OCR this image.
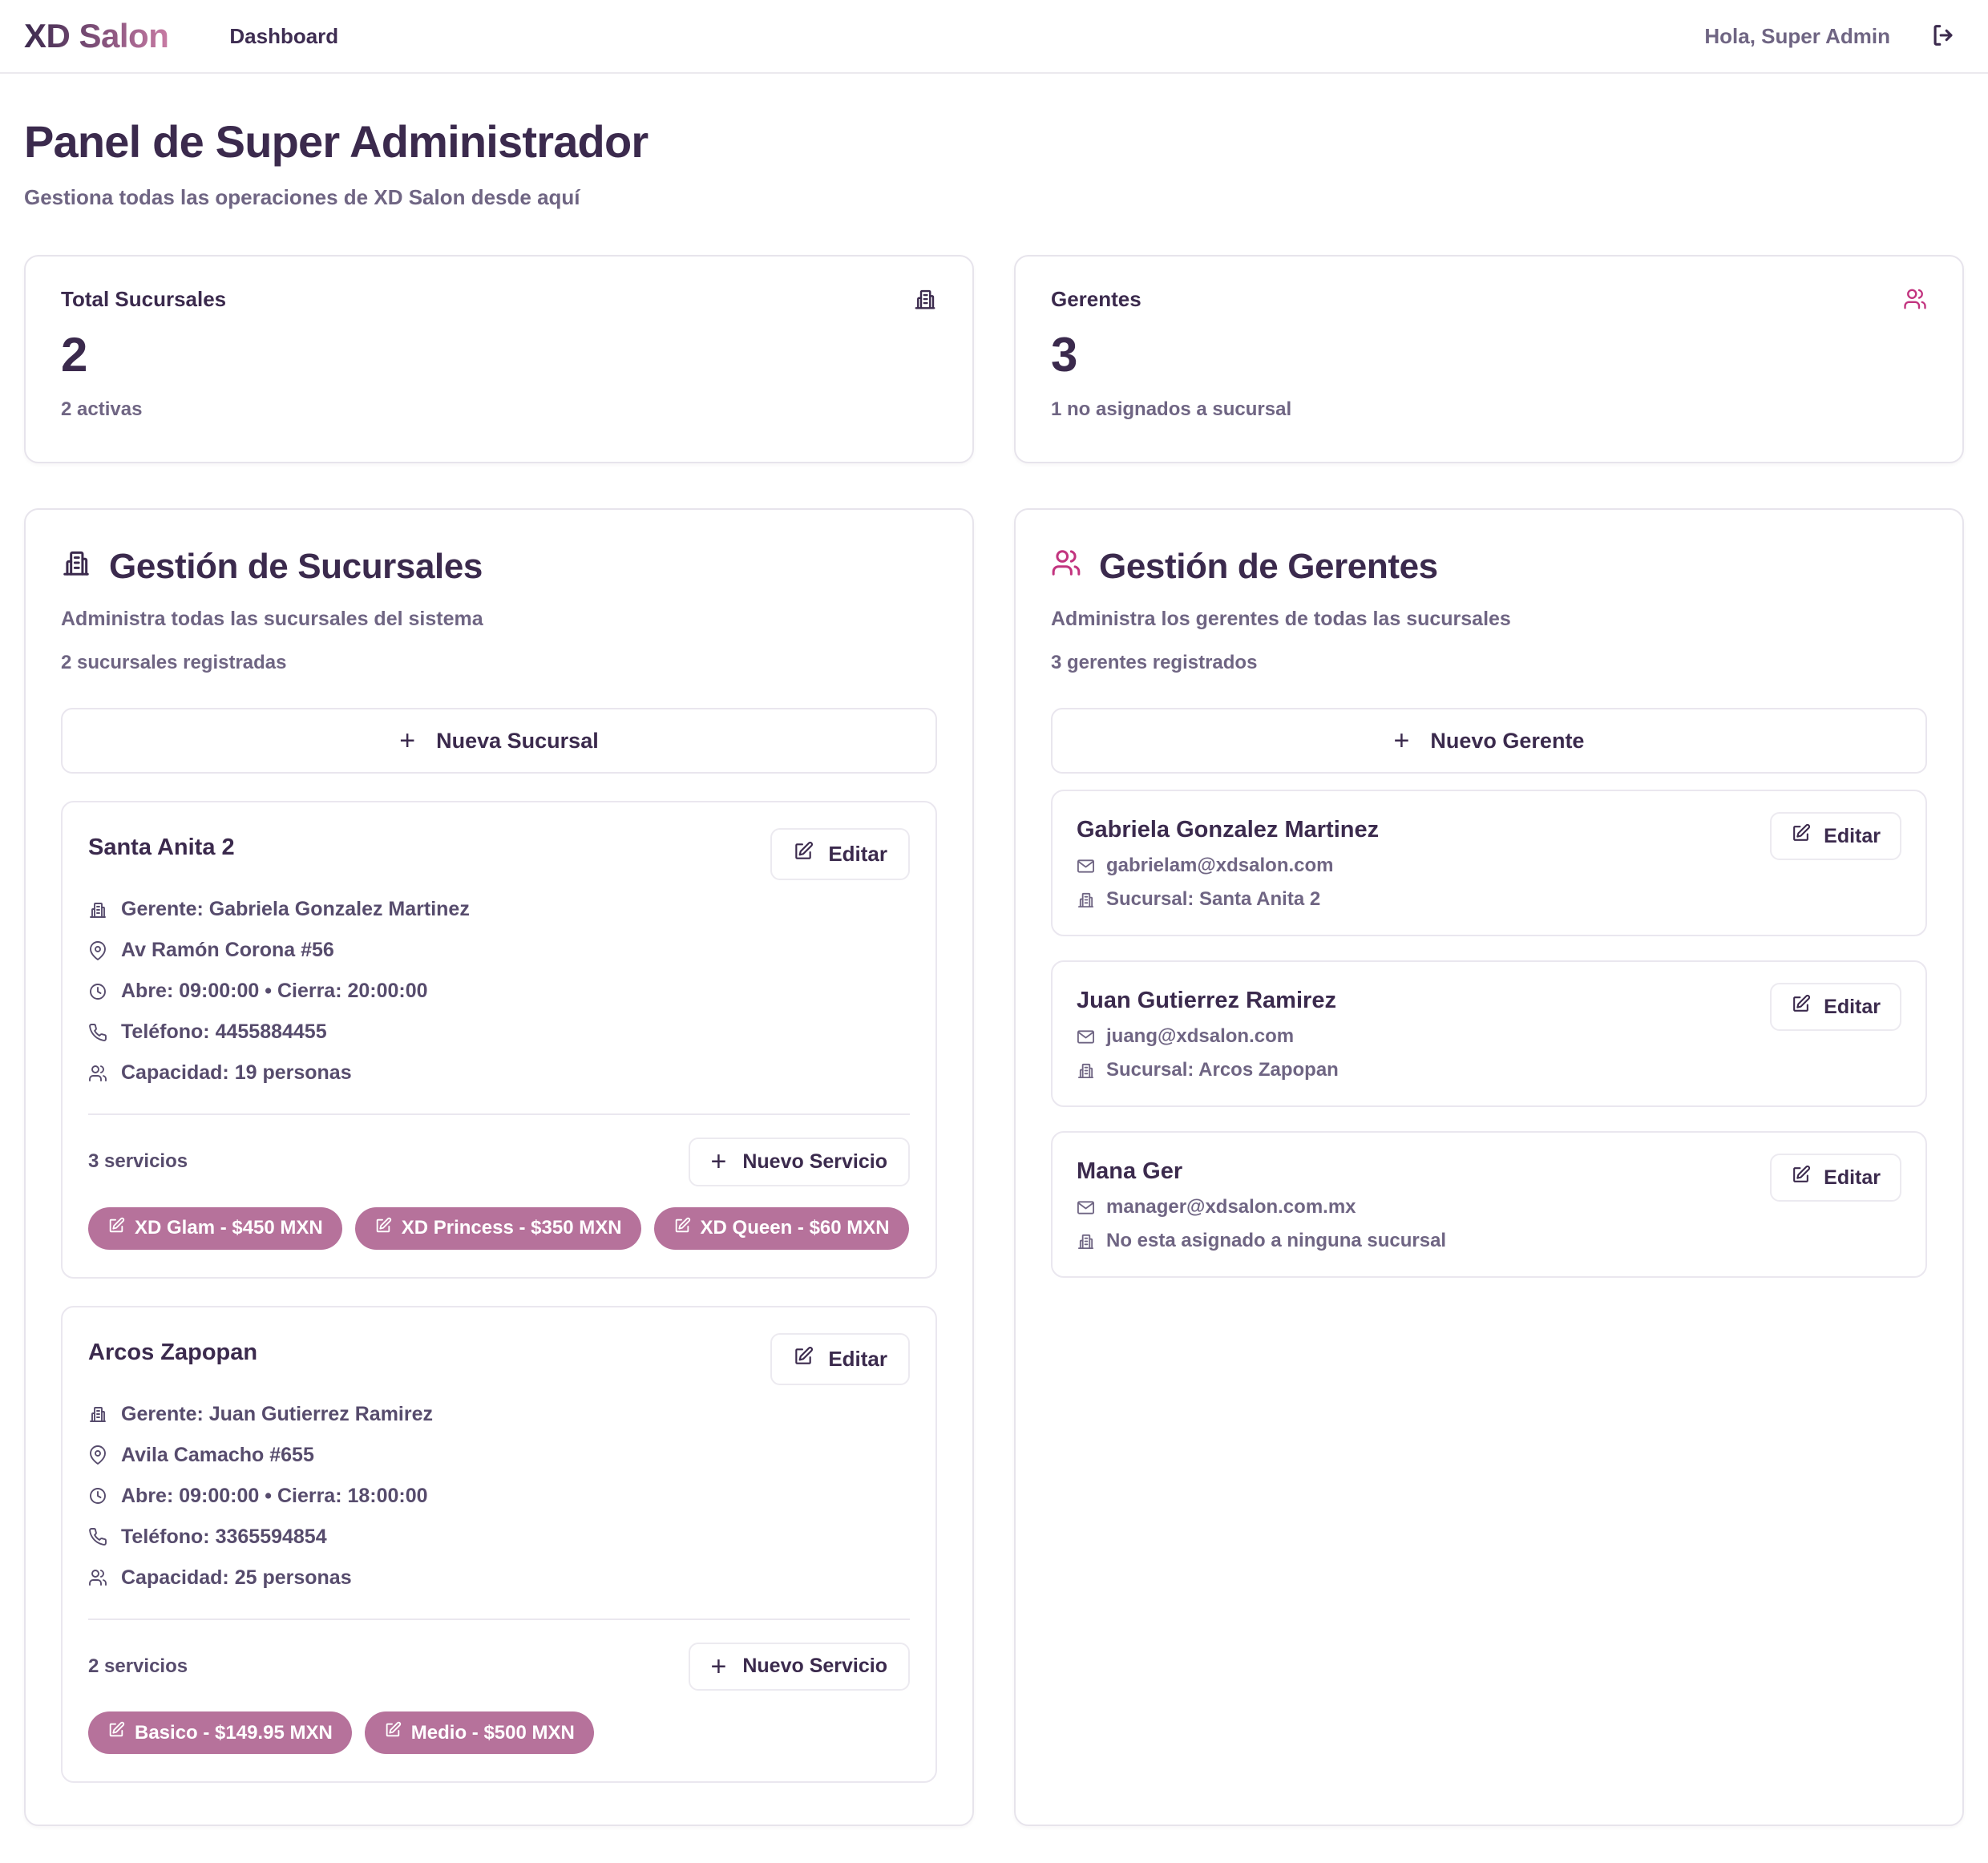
XD Salon	Dashboard	Hola, Super Admin
Panel de Super Administrador
Gestiona todas las operaciones de XD Salon desde aquí
Total Sucursales
2
2 activas
Gerentes
3
1 no asignados a sucursal
Gestión de Sucursales
Administra todas las sucursales del sistema
2 sucursales registradas
+ Nueva Sucursal
Santa Anita 2	Editar
Gerente: Gabriela Gonzalez Martinez
Av Ramón Corona #56
Abre: 09:00:00 • Cierra: 20:00:00
Teléfono: 4455884455
Capacidad: 19 personas
3 servicios	+ Nuevo Servicio
XD Glam - $450 MXN	XD Princess - $350 MXN	XD Queen - $60 MXN
Arcos Zapopan	Editar
Gerente: Juan Gutierrez Ramirez
Avila Camacho #655
Abre: 09:00:00 • Cierra: 18:00:00
Teléfono: 3365594854
Capacidad: 25 personas
2 servicios	+ Nuevo Servicio
Basico - $149.95 MXN	Medio - $500 MXN
Gestión de Gerentes
Administra los gerentes de todas las sucursales
3 gerentes registrados
+ Nuevo Gerente
Gabriela Gonzalez Martinez
gabrielam@xdsalon.com
Sucursal: Santa Anita 2
Editar
Juan Gutierrez Ramirez
juang@xdsalon.com
Sucursal: Arcos Zapopan
Editar
Mana Ger
manager@xdsalon.com.mx
No esta asignado a ninguna sucursal
Editar
